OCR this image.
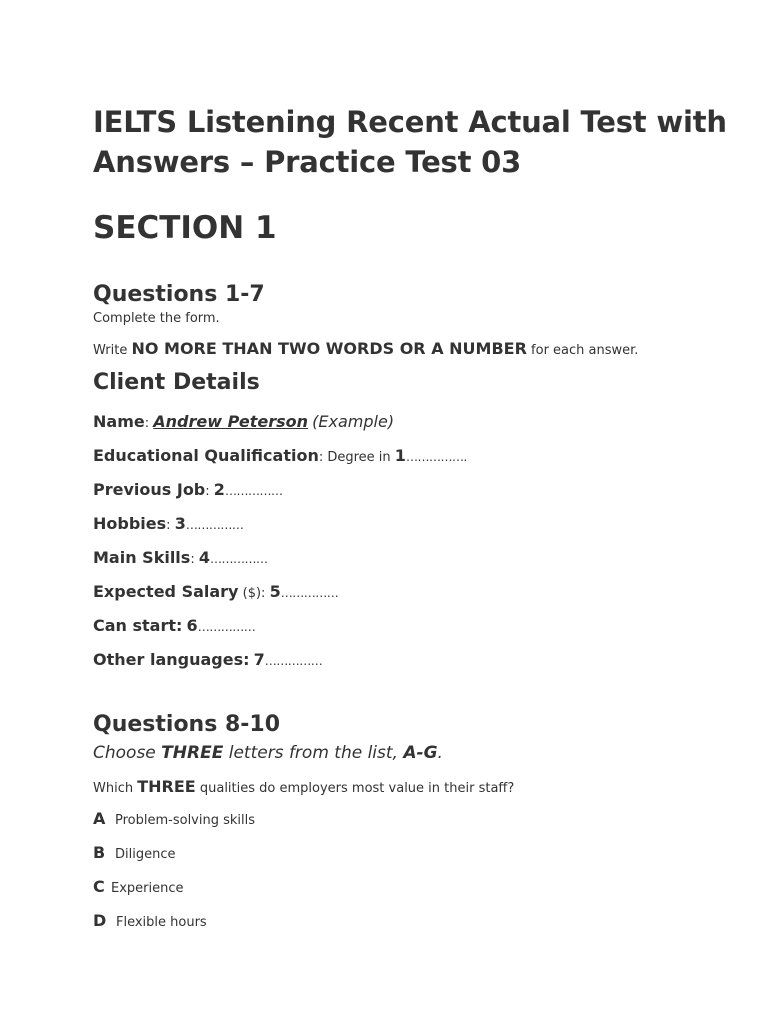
IELTS Listening Recent Actual Test with
Answers – Practice Test 03
SECTION 1
Questions 1-7

Complete the form.

Write NO MORE THAN TWO WORDS OR A NUMBER for each answer.

Client Details

Name: Andrew Peterson (Example)

Educational Qualification: Degree in 1…………….

Previous Job: 2……………

Hobbies: 3……………

Main Skills: 4……………

Expected Salary ($): 5……………

Can start: 6……………

Other languages: 7……………

Questions 8-10

Choose THREE letters from the list, A-G.

Which THREE qualities do employers most value in their staff?

A Problem-solving skills

B Diligence

C Experience

D Flexible hours
